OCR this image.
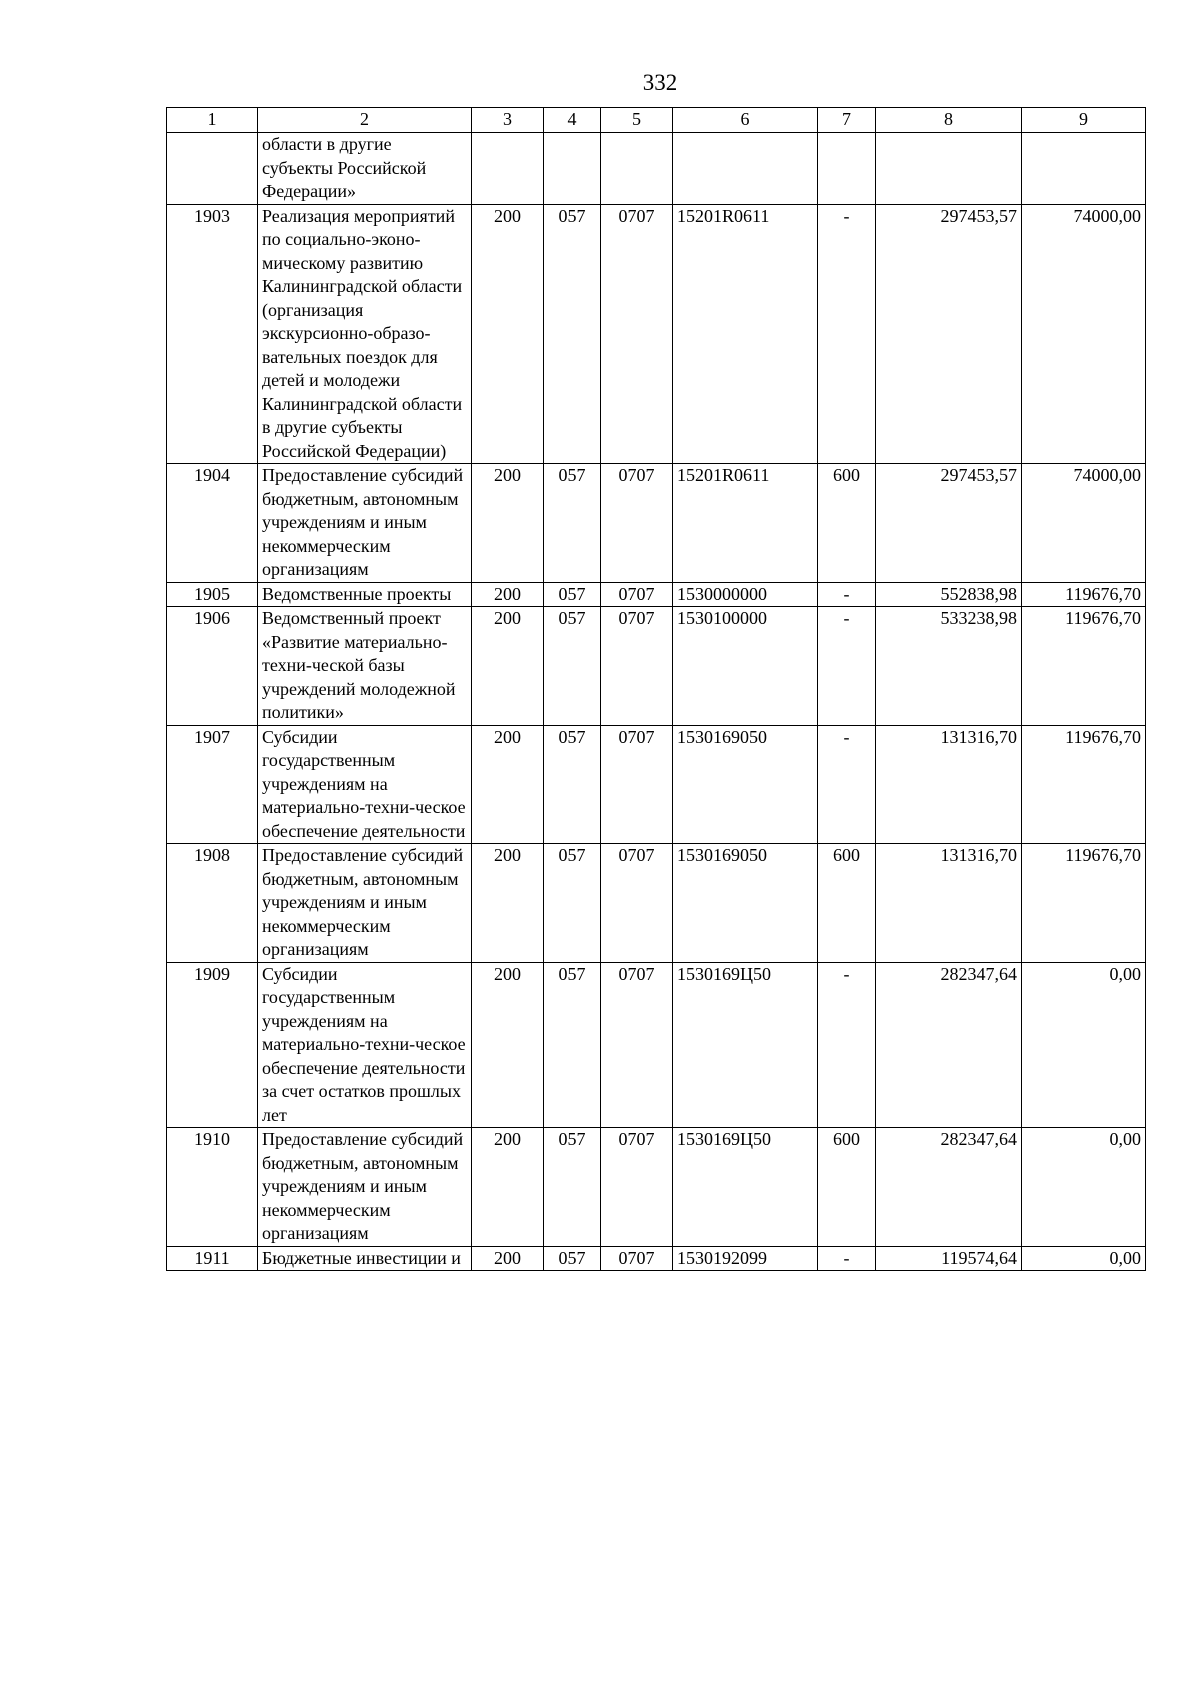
332
1	2	3	4	5	6	7	8	9
	области в другие субъекты Российской Федерации»							
1903	Реализация мероприятий по социально-эконо-мическому развитию Калининградской области (организация экскурсионно-образо-вательных поездок для детей и молодежи Калининградской области в другие субъекты Российской Федерации)	200	057	0707	15201R0611	-	297453,57	74000,00
1904	Предоставление субсидий бюджетным, автономным учреждениям и иным некоммерческим организациям	200	057	0707	15201R0611	600	297453,57	74000,00
1905	Ведомственные проекты	200	057	0707	1530000000	-	552838,98	119676,70
1906	Ведомственный проект «Развитие материально-техни-ческой базы учреждений молодежной политики»	200	057	0707	1530100000	-	533238,98	119676,70
1907	Субсидии государственным учреждениям на материально-техни-ческое обеспечение деятельности	200	057	0707	1530169050	-	131316,70	119676,70
1908	Предоставление субсидий бюджетным, автономным учреждениям и иным некоммерческим организациям	200	057	0707	1530169050	600	131316,70	119676,70
1909	Субсидии государственным учреждениям на материально-техни-ческое обеспечение деятельности за счет остатков прошлых лет	200	057	0707	1530169Ц50	-	282347,64	0,00
1910	Предоставление субсидий бюджетным, автономным учреждениям и иным некоммерческим организациям	200	057	0707	1530169Ц50	600	282347,64	0,00
1911	Бюджетные инвестиции и	200	057	0707	1530192099	-	119574,64	0,00
